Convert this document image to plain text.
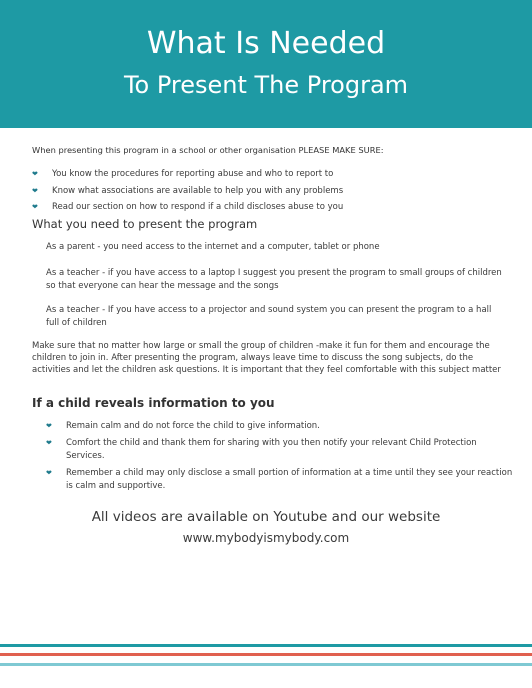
What Is Needed
To Present The Program
When presenting this program in a school or other organisation PLEASE MAKE SURE:
❤ You know the procedures for reporting abuse and who to report to
❤ Know what associations are available to help you with any problems
❤ Read our section on how to respond if a child discloses abuse to you
What you need to present the program
As a parent - you need access to the internet and a computer, tablet or phone
As a teacher - if you have access to a laptop I suggest you present the program to small groups of children so that everyone can hear the message and the songs
As a teacher - If you have access to a projector and sound system you can present the program to a hall full of children
Make sure that no matter how large or small the group of children -make it fun for them and encourage the children to join in. After presenting the program, always leave time to discuss the song subjects, do the activities and let the children ask questions. It is important that they feel comfortable with this subject matter
If a child reveals information to you
❤ Remain calm and do not force the child to give information.
❤ Comfort the child and thank them for sharing with you then notify your relevant Child Protection Services.
❤ Remember a child may only disclose a small portion of information at a time until they see your reaction is calm and supportive.
All videos are available on Youtube and our website
www.mybodyismybody.com
